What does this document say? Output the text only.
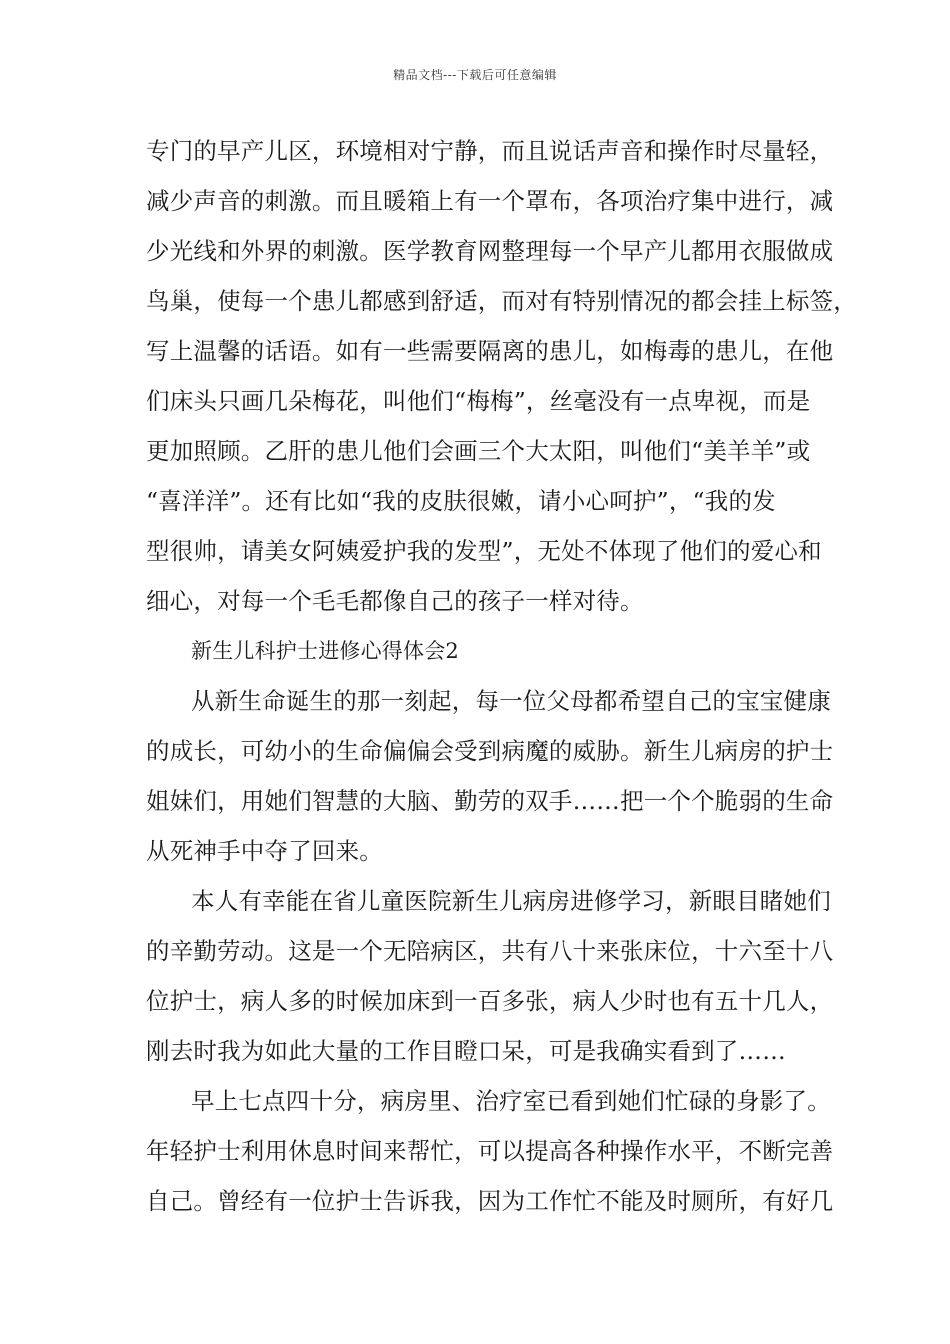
精品文档---下载后可任意编辑
专门的早产儿区，环境相对宁静，而且说话声音和操作时尽量轻，
减少声音的刺激。而且暖箱上有一个罩布，各项治疗集中进行，减
少光线和外界的刺激。医学教育网整理每一个早产儿都用衣服做成
鸟巢，使每一个患儿都感到舒适，而对有特别情况的都会挂上标签，
写上温馨的话语。如有一些需要隔离的患儿，如梅毒的患儿，在他
们床头只画几朵梅花，叫他们“梅梅”，丝毫没有一点卑视，而是
更加照顾。乙肝的患儿他们会画三个大太阳，叫他们“美羊羊”或
“喜洋洋”。还有比如“我的皮肤很嫩，请小心呵护”，“我的发
型很帅，请美女阿姨爱护我的发型”，无处不体现了他们的爱心和
细心，对每一个毛毛都像自己的孩子一样对待。
新生儿科护士进修心得体会2
从新生命诞生的那一刻起，每一位父母都希望自己的宝宝健康
的成长，可幼小的生命偏偏会受到病魔的威胁。新生儿病房的护士
姐妹们，用她们智慧的大脑、勤劳的双手……把一个个脆弱的生命
从死神手中夺了回来。
本人有幸能在省儿童医院新生儿病房进修学习，新眼目睹她们
的辛勤劳动。这是一个无陪病区，共有八十来张床位，十六至十八
位护士，病人多的时候加床到一百多张，病人少时也有五十几人，
刚去时我为如此大量的工作目瞪口呆，可是我确实看到了……
早上七点四十分，病房里、治疗室已看到她们忙碌的身影了。
年轻护士利用休息时间来帮忙，可以提高各种操作水平，不断完善
自己。曾经有一位护士告诉我，因为工作忙不能及时厕所，有好几
